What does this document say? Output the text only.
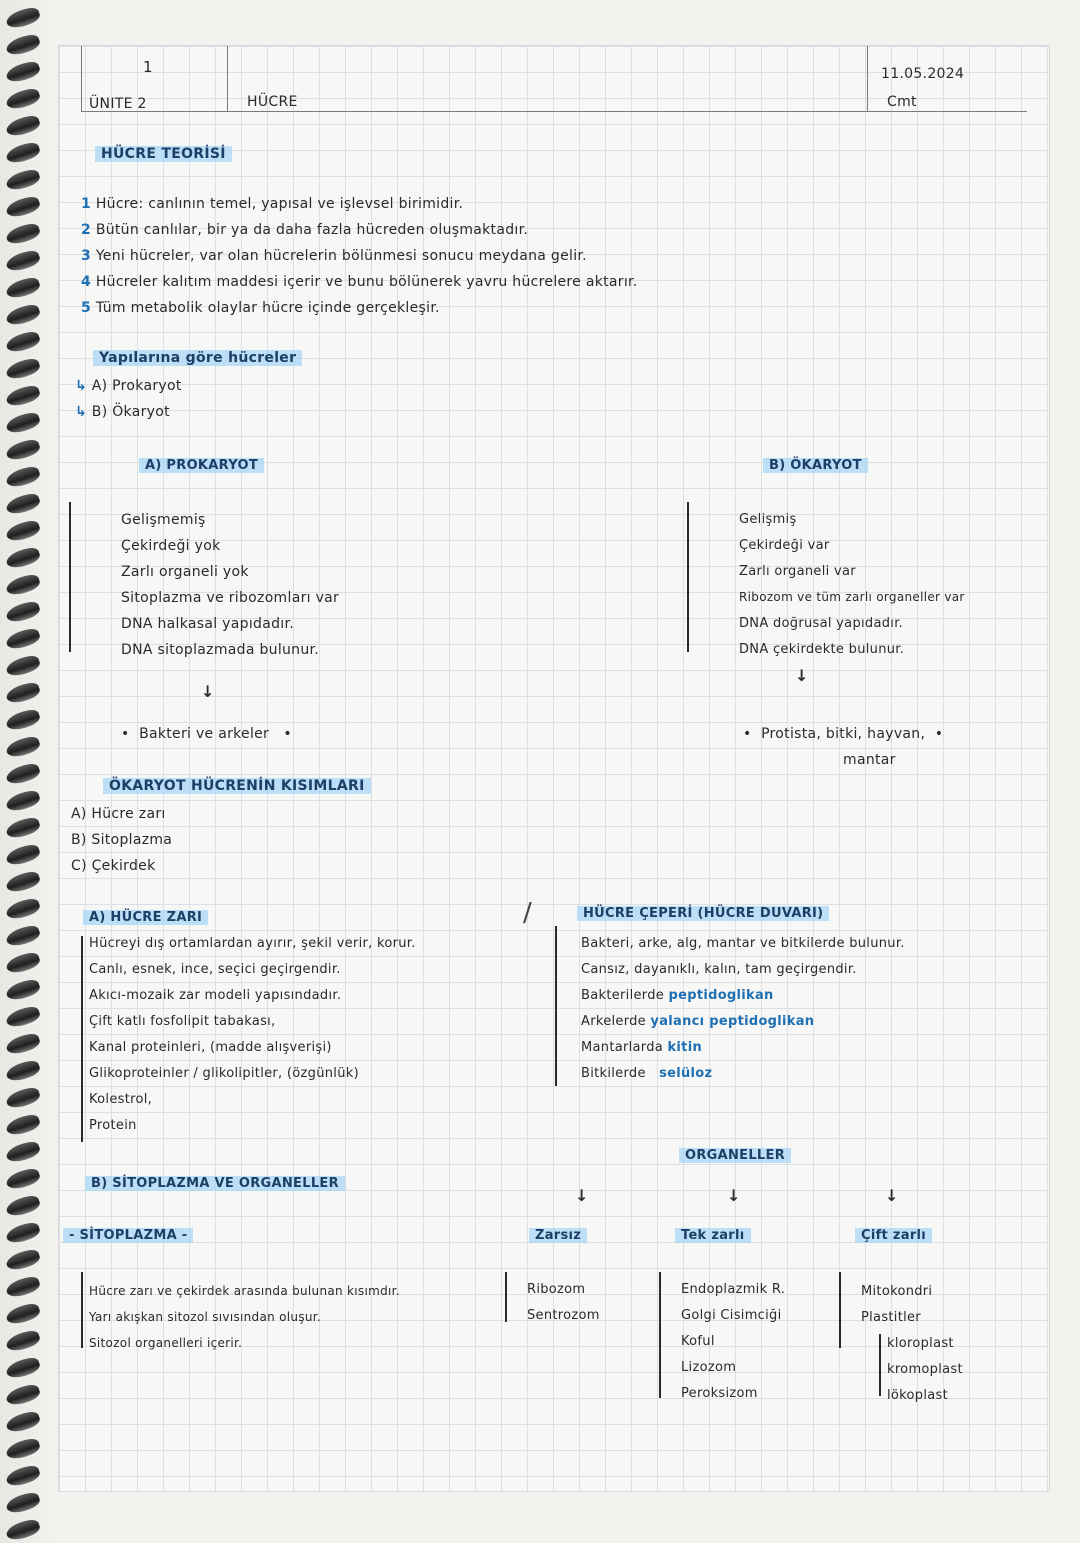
1
ÜNITE 2	HÜCRE
11.05.2024
Cmt
HÜCRE TEORİSİ
1 Hücre: canlının temel, yapısal ve işlevsel birimidir.
2 Bütün canlılar, bir ya da daha fazla hücreden oluşmaktadır.
3 Yeni hücreler, var olan hücrelerin bölünmesi sonucu meydana gelir.
4 Hücreler kalıtım maddesi içerir ve bunu bölünerek yavru hücrelere aktarır.
5 Tüm metabolik olaylar hücre içinde gerçekleşir.
Yapılarına göre hücreler
↳ A) Prokaryot
↳ B) Ökaryot
A) PROKARYOT
Gelişmemiş
Çekirdeği yok
Zarlı organeli yok
Sitoplazma ve ribozomları var
DNA halkasal yapıdadır.
DNA sitoplazmada bulunur.
↓
•  Bakteri ve arkeler   •
B) ÖKARYOT
Gelişmiş
Çekirdeği var
Zarlı organeli var
Ribozom ve tüm zarlı organeller var
DNA doğrusal yapıdadır.
DNA çekirdekte bulunur.
↓
•  Protista, bitki, hayvan,  •
mantar
ÖKARYOT HÜCRENİN KISIMLARI
A) Hücre zarı
B) Sitoplazma
C) Çekirdek
A) HÜCRE ZARI
Hücreyi dış ortamlardan ayırır, şekil verir, korur.
Canlı, esnek, ince, seçici geçirgendir.
Akıcı-mozaik zar modeli yapısındadır.
Çift katlı fosfolipit tabakası,
Kanal proteinleri, (madde alışverişi)
Glikoproteinler / glikolipitler, (özgünlük)
Kolestrol,
Protein
/	HÜCRE ÇEPERİ (HÜCRE DUVARI)
Bakteri, arke, alg, mantar ve bitkilerde bulunur.
Cansız, dayanıklı, kalın, tam geçirgendir.
Bakterilerde peptidoglikan
Arkelerde yalancı peptidoglikan
Mantarlarda kitin
Bitkilerde selüloz
ORGANELLER
↓	↓	↓
B) SİTOPLAZMA VE ORGANELLER
- SİTOPLAZMA -
Hücre zarı ve çekirdek arasında bulunan kısımdır.
Yarı akışkan sitozol sıvısından oluşur.
Sitozol organelleri içerir.
Zarsız
Ribozom
Sentrozom
Tek zarlı
Endoplazmik R.
Golgi Cisimciği
Koful
Lizozom
Peroksizom
Çift zarlı
Mitokondri
Plastitler
kloroplast
kromoplast
lökoplast
